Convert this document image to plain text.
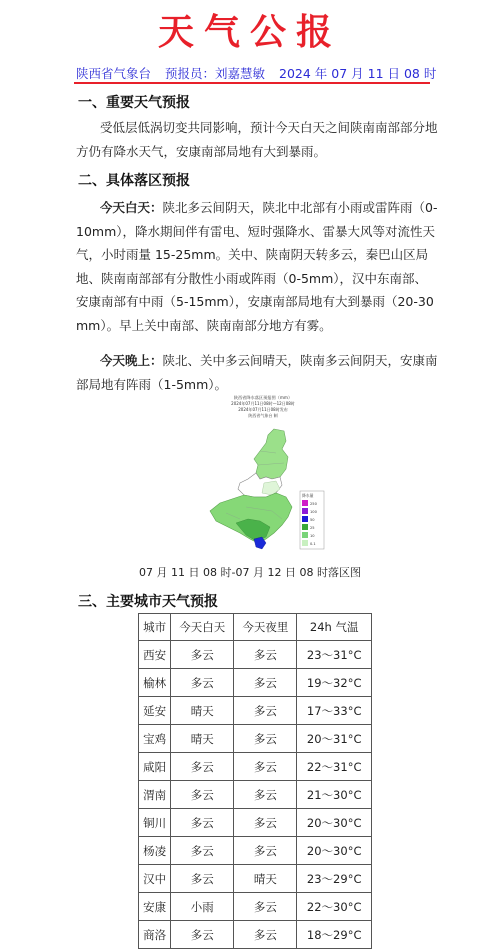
天气公报
陕西省气象台 预报员：刘嘉慧敏 2024 年 07 月 11 日 08 时
一、重要天气预报

受低层低涡切变共同影响，预计今天白天之间陕南南部部分地方仍有降水天气，安康南部局地有大到暴雨。

二、具体落区预报

今天白天：陕北多云间阴天，陕北中北部有小雨或雷阵雨（0-10mm），降水期间伴有雷电、短时强降水、雷暴大风等对流性天气，小时雨量 15-25mm。关中、陕南阴天转多云，秦巴山区局地、陕南南部部有分散性小雨或阵雨（0-5mm），汉中东南部、安康南部有中雨（5-15mm），安康南部局地有大到暴雨（20-30mm）。早上关中南部、陕南南部分地方有雾。

今天晚上：陕北、关中多云间晴天，陕南多云间阴天，安康南部局地有阵雨（1-5mm）。

陕西省降水落区预报图（mm）
2024年07月11日08时—12日08时
2024年07月11日08时发布
陕西省气象台 制
降水量
250
100
50
25
10
0.1
07 月 11 日 08 时-07 月 12 日 08 时落区图
三、主要城市天气预报
城市	今天白天	今天夜里	24h 气温
西安	多云	多云	23～31°C
榆林	多云	多云	19～32°C
延安	晴天	多云	17～33°C
宝鸡	晴天	多云	20～31°C
咸阳	多云	多云	22～31°C
渭南	多云	多云	21～30°C
铜川	多云	多云	20～30°C
杨凌	多云	多云	20～30°C
汉中	多云	晴天	23～29°C
安康	小雨	多云	22～30°C
商洛	多云	多云	18～29°C
